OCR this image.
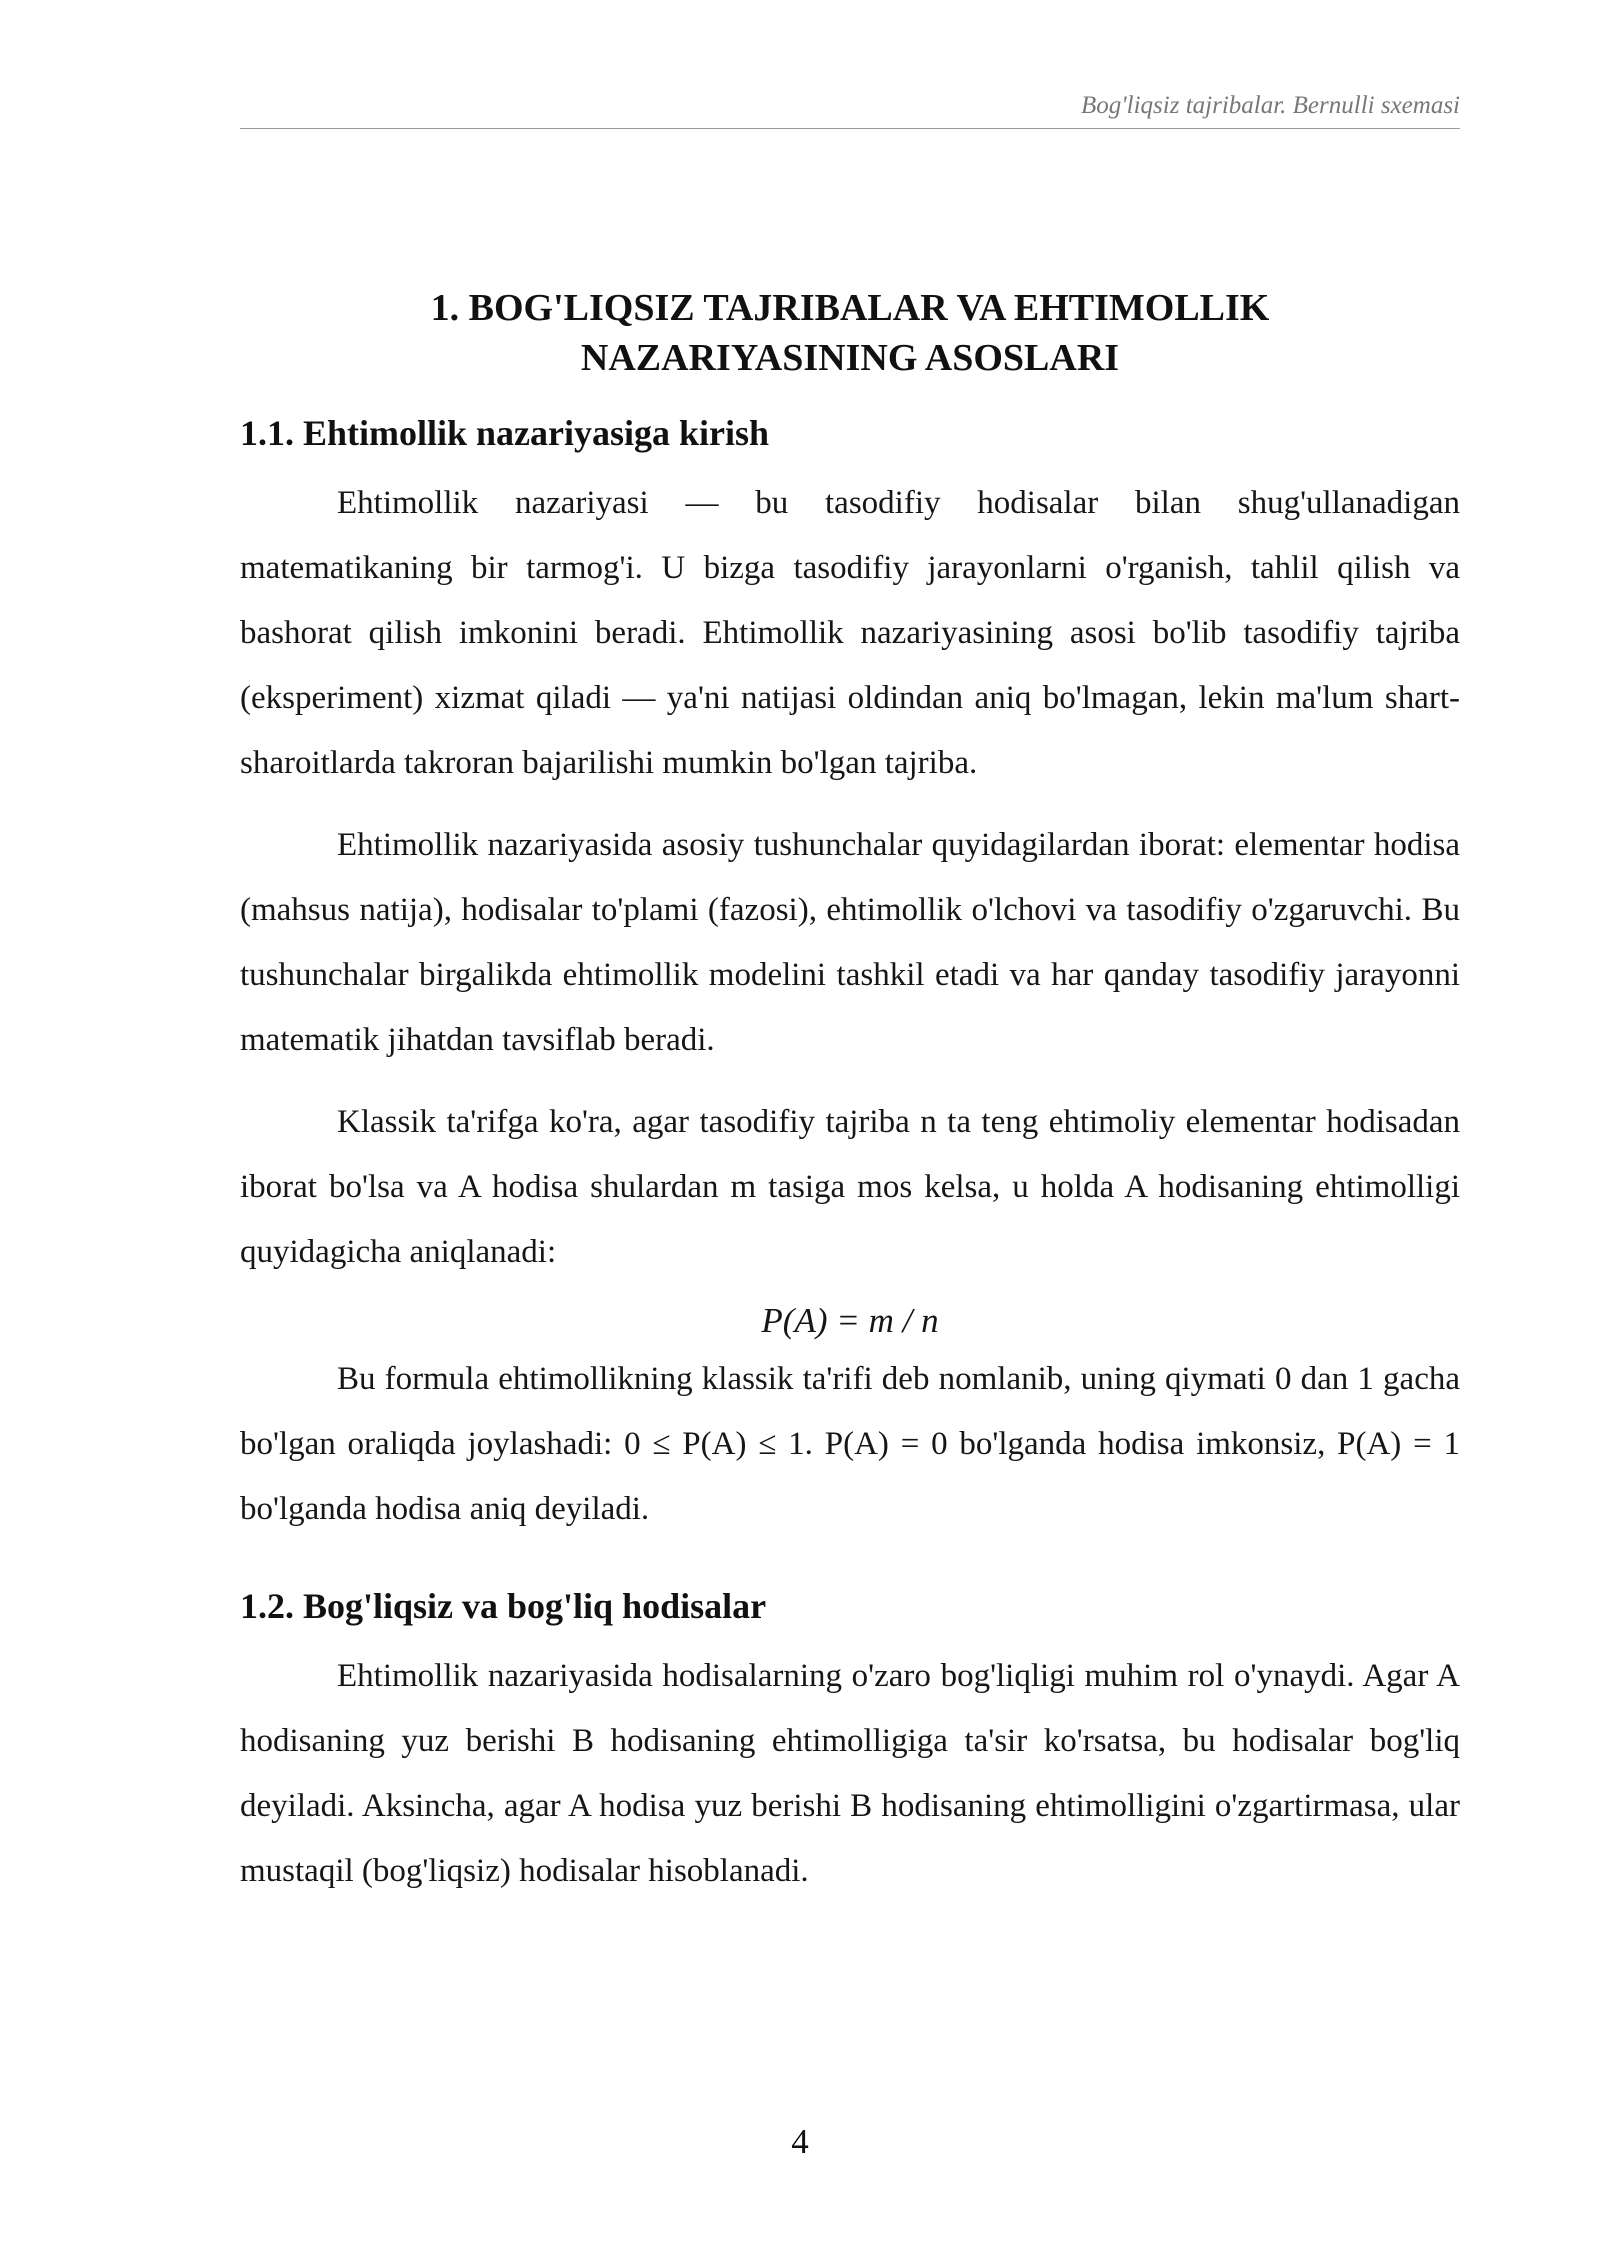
Bog'liqsiz tajribalar. Bernulli sxemasi
1. BOG'LIQSIZ TAJRIBALAR VA EHTIMOLLIK
NAZARIYASINING ASOSLARI
1.1. Ehtimollik nazariyasiga kirish

Ehtimollik nazariyasi — bu tasodifiy hodisalar bilan shug'ullanadigan matematikaning bir tarmog'i. U bizga tasodifiy jarayonlarni o'rganish, tahlil qilish va bashorat qilish imkonini beradi. Ehtimollik nazariyasining asosi bo'lib tasodifiy tajriba (eksperiment) xizmat qiladi — ya'ni natijasi oldindan aniq bo'lmagan, lekin ma'lum shart-sharoitlarda takroran bajarilishi mumkin bo'lgan tajriba.

Ehtimollik nazariyasida asosiy tushunchalar quyidagilardan iborat: elementar hodisa (mahsus natija), hodisalar to'plami (fazosi), ehtimollik o'lchovi va tasodifiy o'zgaruvchi. Bu tushunchalar birgalikda ehtimollik modelini tashkil etadi va har qanday tasodifiy jarayonni matematik jihatdan tavsiflab beradi.

Klassik ta'rifga ko'ra, agar tasodifiy tajriba n ta teng ehtimoliy elementar hodisadan iborat bo'lsa va A hodisa shulardan m tasiga mos kelsa, u holda A hodisaning ehtimolligi quyidagicha aniqlanadi:

P(A) = m / n

Bu formula ehtimollikning klassik ta'rifi deb nomlanib, uning qiymati 0 dan 1 gacha bo'lgan oraliqda joylashadi: 0 ≤ P(A) ≤ 1. P(A) = 0 bo'lganda hodisa imkonsiz, P(A) = 1 bo'lganda hodisa aniq deyiladi.

1.2. Bog'liqsiz va bog'liq hodisalar

Ehtimollik nazariyasida hodisalarning o'zaro bog'liqligi muhim rol o'ynaydi. Agar A hodisaning yuz berishi B hodisaning ehtimolligiga ta'sir ko'rsatsa, bu hodisalar bog'liq deyiladi. Aksincha, agar A hodisa yuz berishi B hodisaning ehtimolligini o'zgartirmasa, ular mustaqil (bog'liqsiz) hodisalar hisoblanadi.

4
